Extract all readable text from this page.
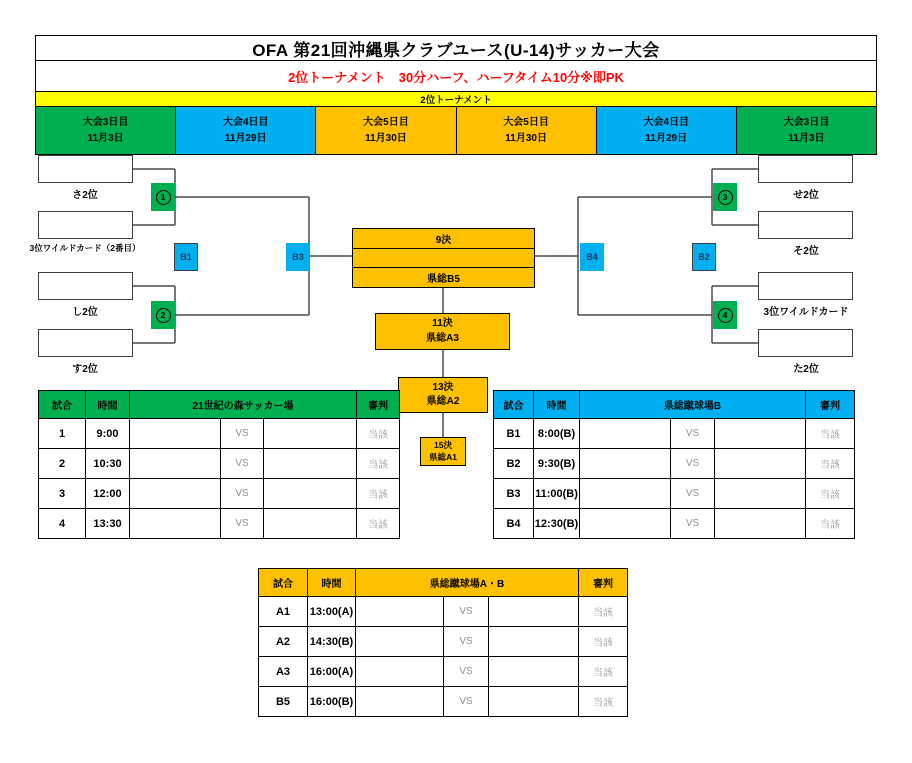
OFA 第21回沖縄県クラブユース(U-14)サッカー大会
2位トーナメント　30分ハーフ、ハーフタイム10分※即PK
2位トーナメント
大会3日目
11月3日
大会4日目
11月29日
大会5日目
11月30日
大会5日目
11月30日
大会4日目
11月29日
大会3日目
11月3日
さ2位
3位ワイルドカード（2番目）
し2位
す2位
せ2位
そ2位
3位ワイルドカード
た2位
1
2
3
4
B1	B3	B4	B2
9決
県総B5
11決
県総A3
13決
県総A2
15決
県総A1
試合	時間	21世紀の森サッカー場			審判
1	9:00		VS		当該
2	10:30		VS		当該
3	12:00		VS		当該
4	13:30		VS		当該
試合	時間	県総蹴球場B			審判
B1	8:00(B)		VS		当該
B2	9:30(B)		VS		当該
B3	11:00(B)		VS		当該
B4	12:30(B)		VS		当該
試合	時間	県総蹴球場A・B			審判
A1	13:00(A)		VS		当該
A2	14:30(B)		VS		当該
A3	16:00(A)		VS		当該
B5	16:00(B)		VS		当該
